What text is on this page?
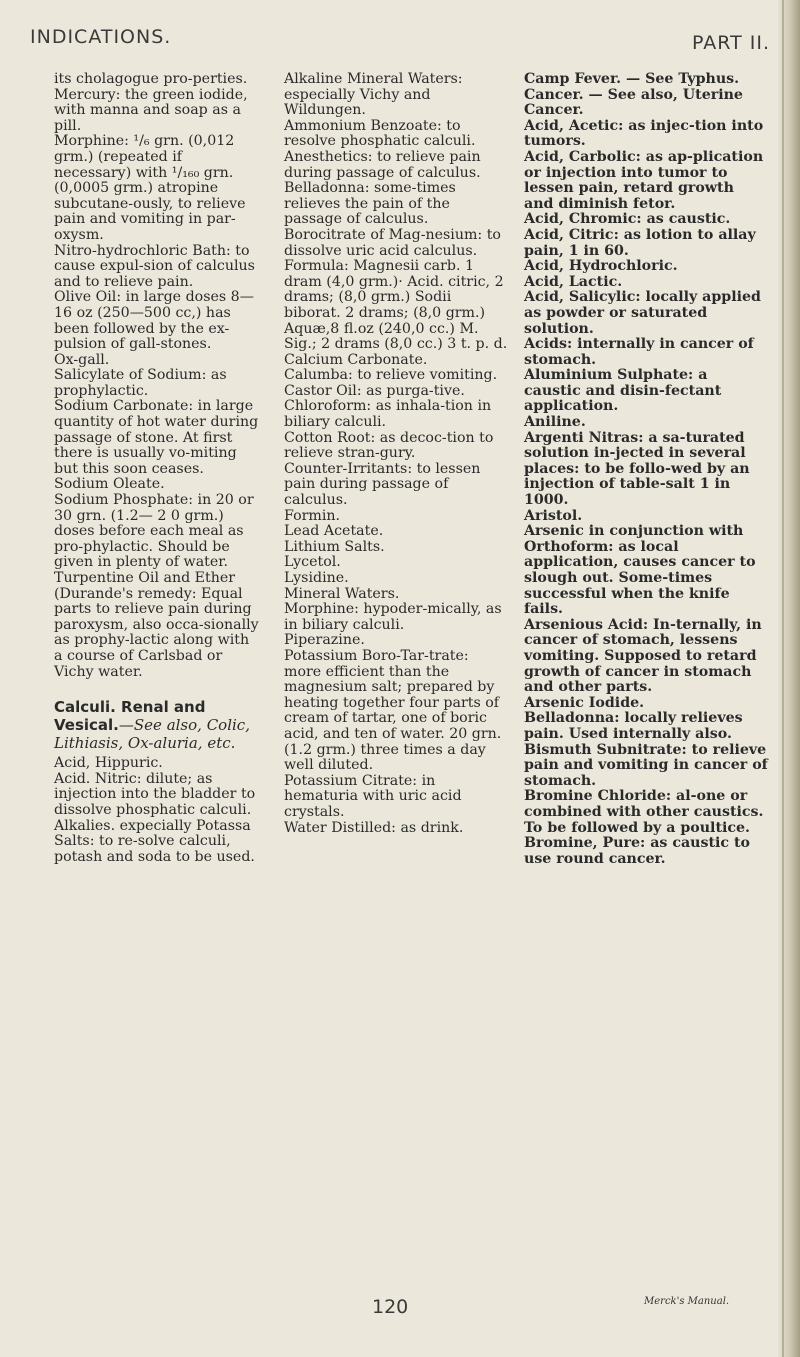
INDICATIONS.	PART II.

its cholagogue pro-perties.

Mercury: the green iodide, with manna and soap as a pill.

Morphine: ¹/₆ grn. (0,012 grm.) (repeated if necessary) with ¹/₁₆₀ grn. (0,0005 grm.) atropine subcutane-ously, to relieve pain and vomiting in par-oxysm.

Nitro-hydrochloric Bath: to cause expul-sion of calculus and to relieve pain.

Olive Oil: in large doses 8—16 oz (250—500 cc,) has been followed by the ex-pulsion of gall-stones.

Ox-gall.

Salicylate of Sodium: as prophylactic.

Sodium Carbonate: in large quantity of hot water during passage of stone. At first there is usually vo-miting but this soon ceases.

Sodium Oleate.

Sodium Phosphate: in 20 or 30 grn. (1.2— 2 0 grm.) doses before each meal as pro-phylactic. Should be given in plenty of water.

Turpentine Oil and Ether (Durande's remedy: Equal parts to relieve pain during paroxysm, also occa-sionally as prophy-lactic along with a course of Carlsbad or Vichy water.

Calculi. Renal and Vesical.—See also, Colic, Lithiasis, Ox-aluria, etc.

Acid, Hippuric.

Acid. Nitric: dilute; as injection into the bladder to dissolve phosphatic calculi.

Alkalies. expecially Potassa Salts: to re-solve calculi, potash and soda to be used.

Alkaline Mineral Waters: especially Vichy and Wildungen.

Ammonium Benzoate: to resolve phosphatic calculi.

Anesthetics: to relieve pain during passage of calculus.

Belladonna: some-times relieves the pain of the passage of calculus.

Borocitrate of Mag-nesium: to dissolve uric acid calculus. Formula: Magnesii carb. 1 dram (4,0 grm.)· Acid. citric, 2 drams; (8,0 grm.) Sodii biborat. 2 drams; (8,0 grm.) Aquæ,8 fl.oz (240,0 cc.) M. Sig.; 2 drams (8,0 cc.) 3 t. p. d.

Calcium Carbonate.

Calumba: to relieve vomiting.

Castor Oil: as purga-tive.

Chloroform: as inhala-tion in biliary calculi.

Cotton Root: as decoc-tion to relieve stran-gury.

Counter-Irritants: to lessen pain during passage of calculus.

Formin.

Lead Acetate.

Lithium Salts.

Lycetol.

Lysidine.

Mineral Waters.

Morphine: hypoder-mically, as in biliary calculi.

Piperazine.

Potassium Boro-Tar-trate: more efficient than the magnesium salt; prepared by heating together four parts of cream of tartar, one of boric acid, and ten of water. 20 grn. (1.2 grm.) three times a day well diluted.

Potassium Citrate: in hematuria with uric acid crystals.

Water Distilled: as drink.

Camp Fever. — See Typhus.

Cancer. — See also, Uterine Cancer.

Acid, Acetic: as injec-tion into tumors.

Acid, Carbolic: as ap-plication or injection into tumor to lessen pain, retard growth and diminish fetor.

Acid, Chromic: as caustic.

Acid, Citric: as lotion to allay pain, 1 in 60.

Acid, Hydrochloric.

Acid, Lactic.

Acid, Salicylic: locally applied as powder or saturated solution.

Acids: internally in cancer of stomach.

Aluminium Sulphate: a caustic and disin-fectant application.

Aniline.

Argenti Nitras: a sa-turated solution in-jected in several places: to be follo-wed by an injection of table-salt 1 in 1000.

Aristol.

Arsenic in conjunction with Orthoform: as local application, causes cancer to slough out. Some-times successful when the knife fails.

Arsenious Acid: In-ternally, in cancer of stomach, lessens vomiting. Supposed to retard growth of cancer in stomach and other parts.

Arsenic Iodide.

Belladonna: locally relieves pain. Used internally also.

Bismuth Subnitrate: to relieve pain and vomiting in cancer of stomach.

Bromine Chloride: al-one or combined with other caustics. To be followed by a poultice.

Bromine, Pure: as caustic to use round cancer.

120	Merck's Manual.
